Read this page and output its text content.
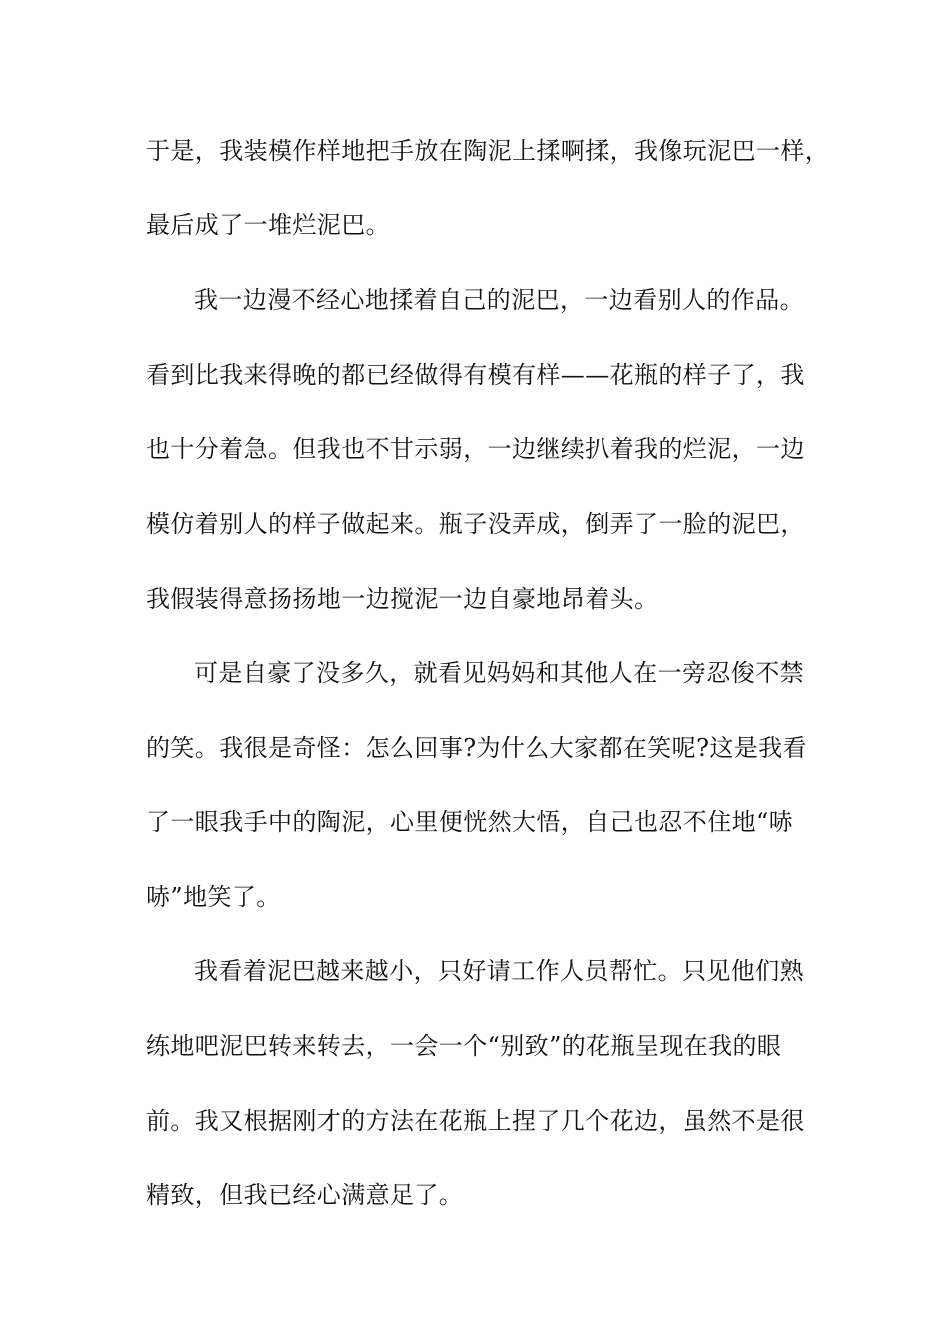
于是，我装模作样地把手放在陶泥上揉啊揉，我像玩泥巴一样，
最后成了一堆烂泥巴。
我一边漫不经心地揉着自己的泥巴，一边看别人的作品。
看到比我来得晚的都已经做得有模有样——花瓶的样子了，我
也十分着急。但我也不甘示弱，一边继续扒着我的烂泥，一边
模仿着别人的样子做起来。瓶子没弄成，倒弄了一脸的泥巴，
我假装得意扬扬地一边搅泥一边自豪地昂着头。
可是自豪了没多久，就看见妈妈和其他人在一旁忍俊不禁
的笑。我很是奇怪：怎么回事?为什么大家都在笑呢?这是我看
了一眼我手中的陶泥，心里便恍然大悟，自己也忍不住地“哧
哧”地笑了。
我看着泥巴越来越小，只好请工作人员帮忙。只见他们熟
练地吧泥巴转来转去，一会一个“别致”的花瓶呈现在我的眼
前。我又根据刚才的方法在花瓶上捏了几个花边，虽然不是很
精致，但我已经心满意足了。
